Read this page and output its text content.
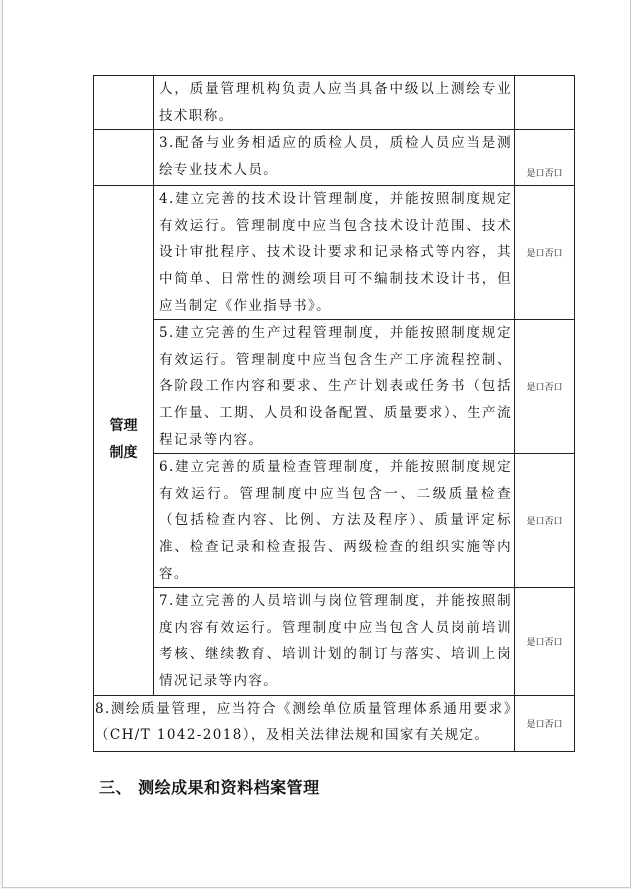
	人，质量管理机构负责人应当具备中级以上测绘专业技术职称。	
	3.配备与业务相适应的质检人员，质检人员应当是测绘专业技术人员。	是口否口
管理制度	4.建立完善的技术设计管理制度，并能按照制度规定有效运行。管理制度中应当包含技术设计范围、技术设计审批程序、技术设计要求和记录格式等内容，其中简单、日常性的测绘项目可不编制技术设计书，但应当制定《作业指导书》。	是口否口
	5.建立完善的生产过程管理制度，并能按照制度规定有效运行。管理制度中应当包含生产工序流程控制、各阶段工作内容和要求、生产计划表或任务书（包括工作量、工期、人员和设备配置、质量要求）、生产流程记录等内容。	是口否口
	6.建立完善的质量检查管理制度，并能按照制度规定有效运行。管理制度中应当包含一、二级质量检查（包括检查内容、比例、方法及程序）、质量评定标准、检查记录和检查报告、两级检查的组织实施等内容。	是口否口
	7.建立完善的人员培训与岗位管理制度，并能按照制度内容有效运行。管理制度中应当包含人员岗前培训考核、继续教育、培训计划的制订与落实、培训上岗情况记录等内容。	是口否口
8.测绘质量管理，应当符合《测绘单位质量管理体系通用要求》（CH/T 1042-2018），及相关法律法规和国家有关规定。		是口否口
三、 测绘成果和资料档案管理
